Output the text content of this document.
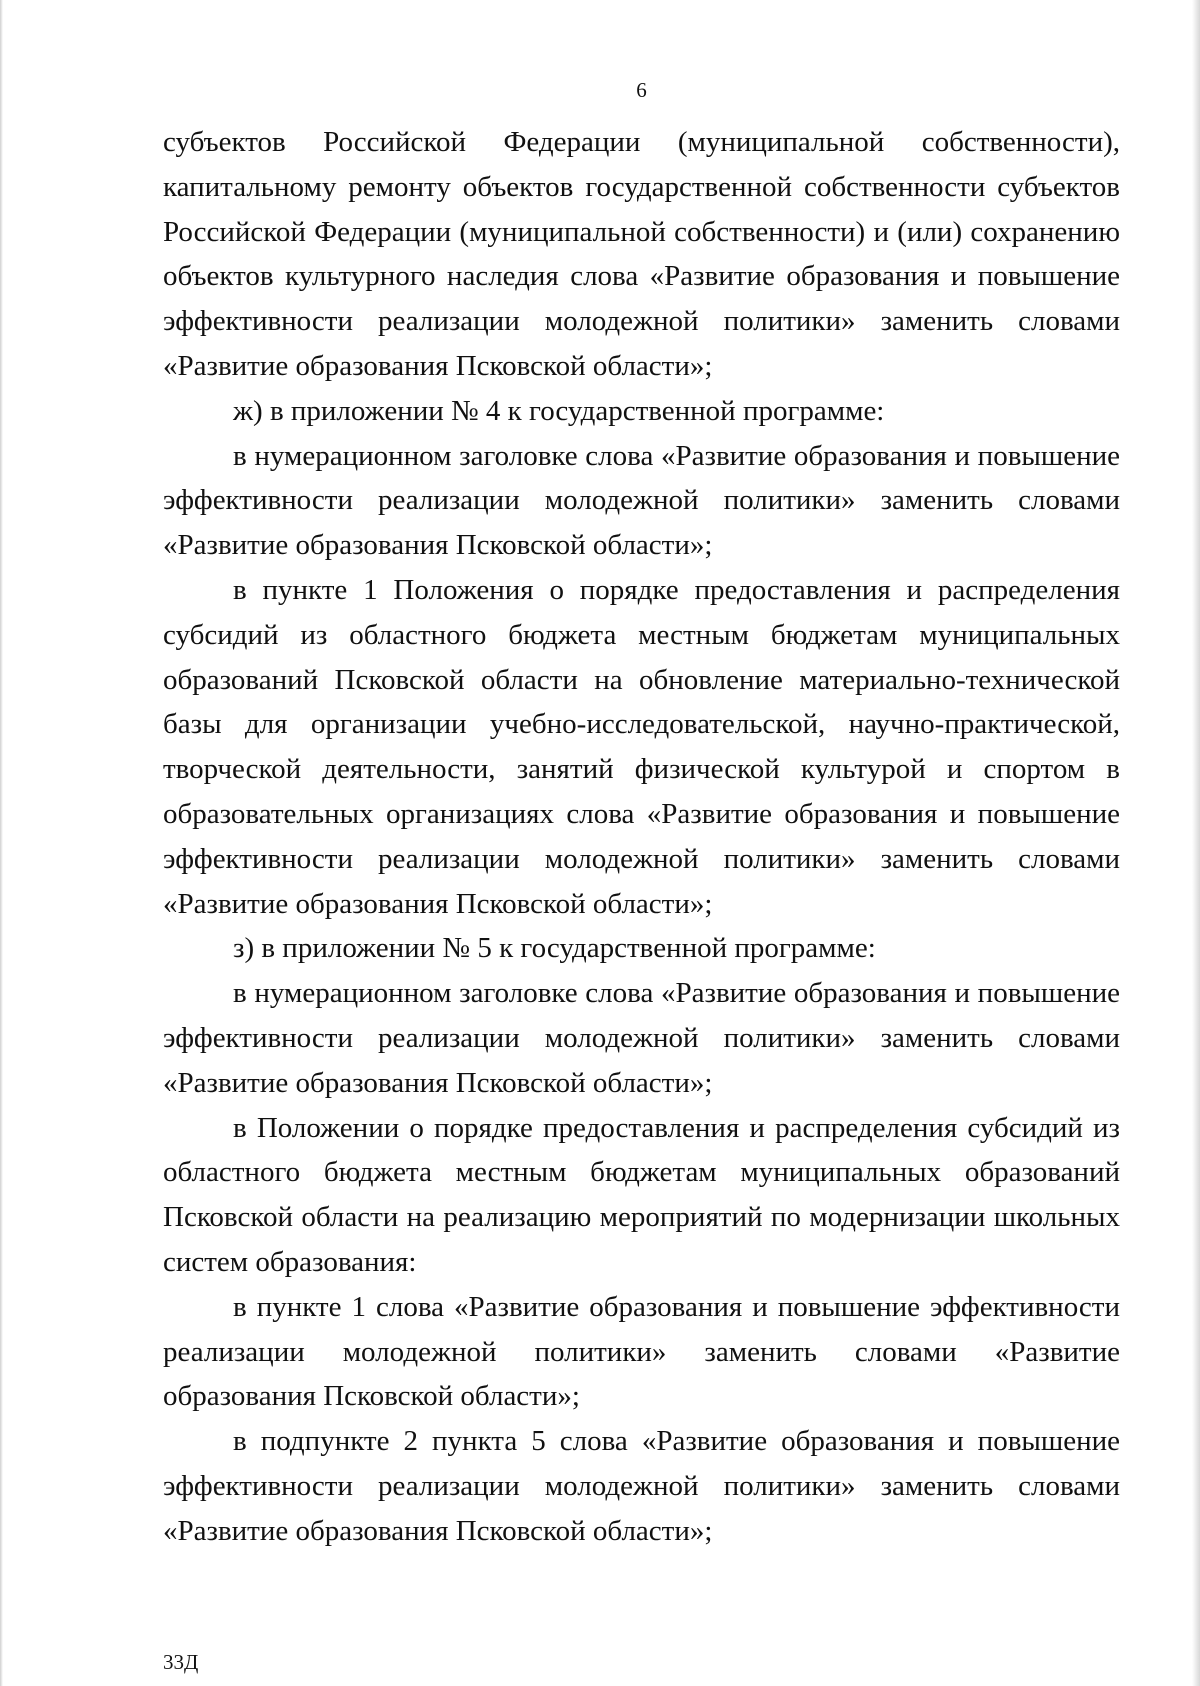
6

субъектов Российской Федерации (муниципальной собственности), капитальному ремонту объектов государственной собственности субъектов Российской Федерации (муниципальной собственности) и (или) сохранению объектов культурного наследия слова «Развитие образования и повышение эффективности реализации молодежной политики» заменить словами «Развитие образования Псковской области»;

ж) в приложении № 4 к государственной программе:

в нумерационном заголовке слова «Развитие образования и повышение эффективности реализации молодежной политики» заменить словами «Развитие образования Псковской области»;

в пункте 1 Положения о порядке предоставления и распределения субсидий из областного бюджета местным бюджетам муниципальных образований Псковской области на обновление материально-технической базы для организации учебно-исследовательской, научно-практической, творческой деятельности, занятий физической культурой и спортом в образовательных организациях слова «Развитие образования и повышение эффективности реализации молодежной политики» заменить словами «Развитие образования Псковской области»;

з) в приложении № 5 к государственной программе:

в нумерационном заголовке слова «Развитие образования и повышение эффективности реализации молодежной политики» заменить словами «Развитие образования Псковской области»;

в Положении о порядке предоставления и распределения субсидий из областного бюджета местным бюджетам муниципальных образований Псковской области на реализацию мероприятий по модернизации школьных систем образования:

в пункте 1 слова «Развитие образования и повышение эффективности реализации молодежной политики» заменить словами «Развитие образования Псковской области»;

в подпункте 2 пункта 5 слова «Развитие образования и повышение эффективности реализации молодежной политики» заменить словами «Развитие образования Псковской области»;

33Д
